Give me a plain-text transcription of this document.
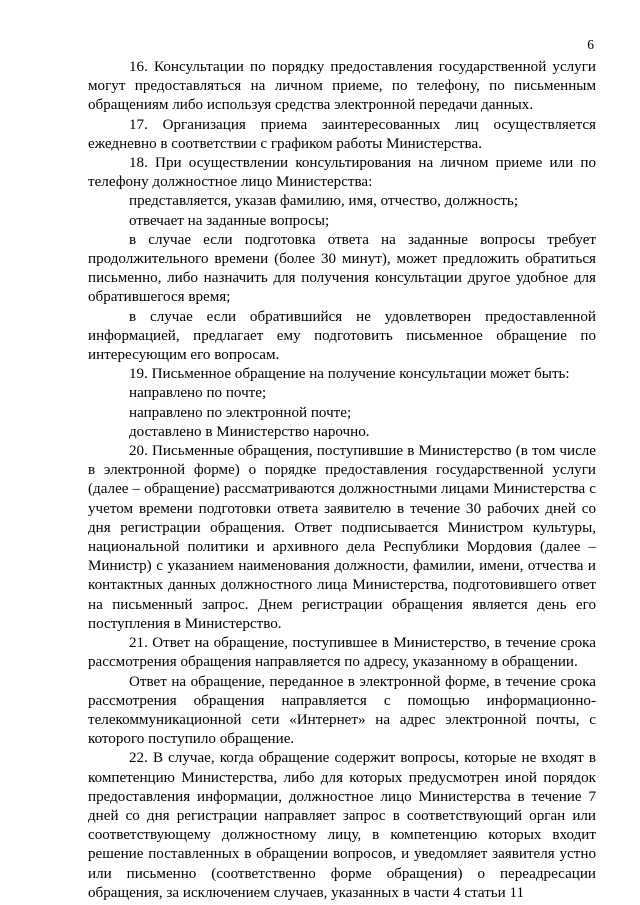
6

16. Консультации по порядку предоставления государственной услуги могут предоставляться на личном приеме, по телефону, по письменным обращениям либо используя средства электронной передачи данных.

17. Организация приема заинтересованных лиц осуществляется ежедневно в соответствии с графиком работы Министерства.

18. При осуществлении консультирования на личном приеме или по телефону должностное лицо Министерства:

представляется, указав фамилию, имя, отчество, должность;

отвечает на заданные вопросы;

в случае если подготовка ответа на заданные вопросы требует продолжительного времени (более 30 минут), может предложить обратиться письменно, либо назначить для получения консультации другое удобное для обратившегося время;

в случае если обратившийся не удовлетворен предоставленной информацией, предлагает ему подготовить письменное обращение по интересующим его вопросам.

19. Письменное обращение на получение консультации может быть:

направлено по почте;

направлено по электронной почте;

доставлено в Министерство нарочно.

20. Письменные обращения, поступившие в Министерство (в том числе в электронной форме) о порядке предоставления государственной услуги (далее – обращение) рассматриваются должностными лицами Министерства с учетом времени подготовки ответа заявителю в течение 30 рабочих дней со дня регистрации обращения. Ответ подписывается Министром культуры, национальной политики и архивного дела Республики Мордовия (далее – Министр) с указанием наименования должности, фамилии, имени, отчества и контактных данных должностного лица Министерства, подготовившего ответ на письменный запрос. Днем регистрации обращения является день его поступления в Министерство.

21. Ответ на обращение, поступившее в Министерство, в течение срока рассмотрения обращения направляется по адресу, указанному в обращении.

Ответ на обращение, переданное в электронной форме, в течение срока рассмотрения обращения направляется с помощью информационно-телекоммуникационной сети «Интернет» на адрес электронной почты, с которого поступило обращение.

22. В случае, когда обращение содержит вопросы, которые не входят в компетенцию Министерства, либо для которых предусмотрен иной порядок предоставления информации, должностное лицо Министерства в течение 7 дней со дня регистрации направляет запрос в соответствующий орган или соответствующему должностному лицу, в компетенцию которых входит решение поставленных в обращении вопросов, и уведомляет заявителя устно или письменно (соответственно форме обращения) о переадресации обращения, за исключением случаев, указанных в части 4 статьи 11
